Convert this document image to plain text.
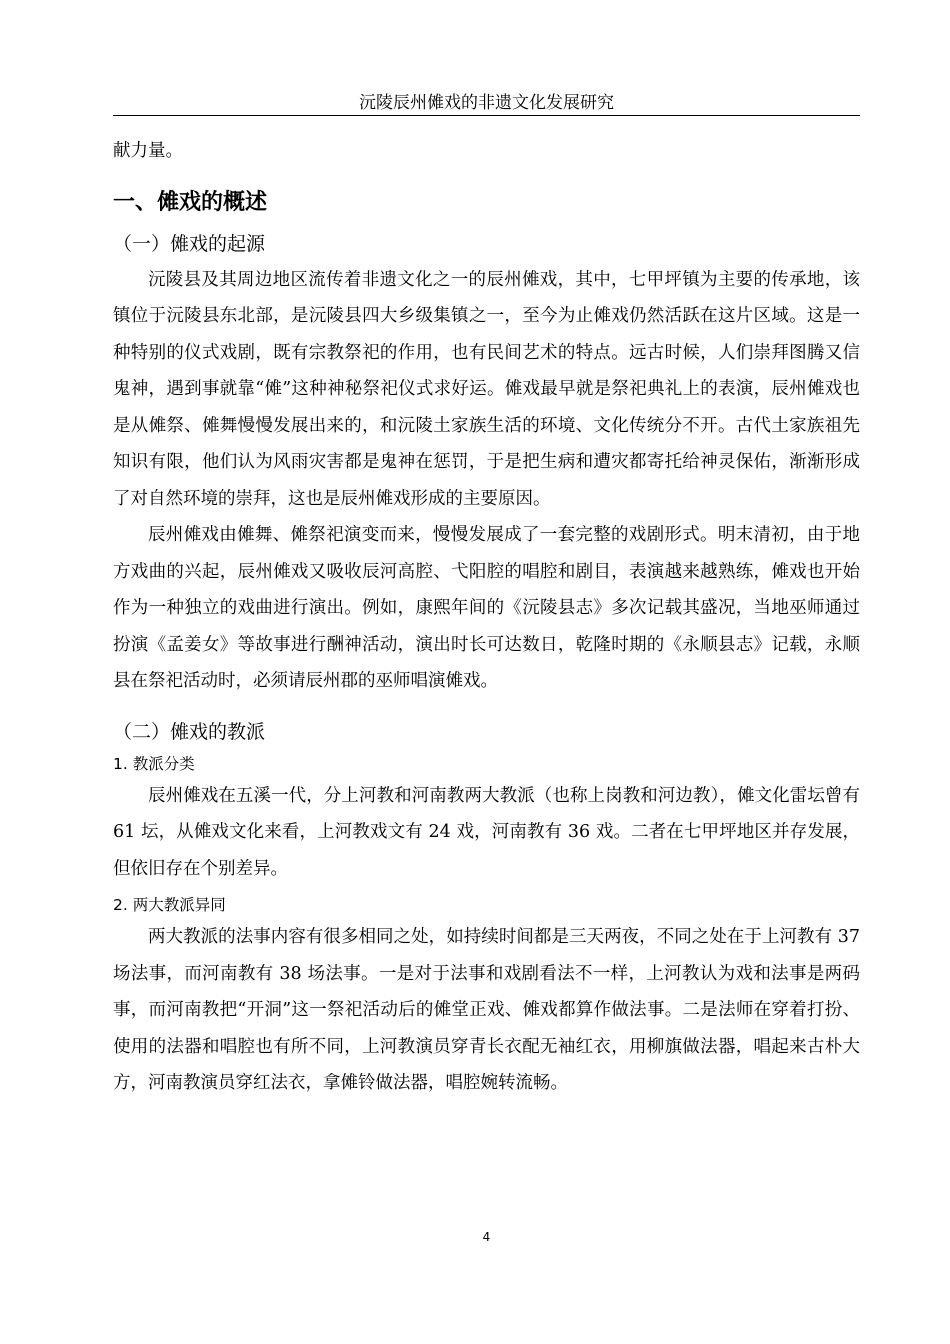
沅陵辰州傩戏的非遗文化发展研究

献力量。

一、傩戏的概述
（一）傩戏的起源

沅陵县及其周边地区流传着非遗文化之一的辰州傩戏，其中，七甲坪镇为主要的传承地，该镇位于沅陵县东北部，是沅陵县四大乡级集镇之一，至今为止傩戏仍然活跃在这片区域。这是一种特别的仪式戏剧，既有宗教祭祀的作用，也有民间艺术的特点。远古时候，人们崇拜图腾又信鬼神，遇到事就靠“傩”这种神秘祭祀仪式求好运。傩戏最早就是祭祀典礼上的表演，辰州傩戏也是从傩祭、傩舞慢慢发展出来的，和沅陵土家族生活的环境、文化传统分不开。古代土家族祖先知识有限，他们认为风雨灾害都是鬼神在惩罚，于是把生病和遭灾都寄托给神灵保佑，渐渐形成了对自然环境的崇拜，这也是辰州傩戏形成的主要原因。

辰州傩戏由傩舞、傩祭祀演变而来，慢慢发展成了一套完整的戏剧形式。明末清初，由于地方戏曲的兴起，辰州傩戏又吸收辰河高腔、弋阳腔的唱腔和剧目，表演越来越熟练，傩戏也开始作为一种独立的戏曲进行演出。例如，康熙年间的《沅陵县志》多次记载其盛况，当地巫师通过扮演《孟姜女》等故事进行酬神活动，演出时长可达数日，乾隆时期的《永顺县志》记载，永顺县在祭祀活动时，必须请辰州郡的巫师唱演傩戏。

（二）傩戏的教派
1. 教派分类

辰州傩戏在五溪一代，分上河教和河南教两大教派（也称上岗教和河边教），傩文化雷坛曾有 61 坛，从傩戏文化来看，上河教戏文有 24 戏，河南教有 36 戏。二者在七甲坪地区并存发展，但依旧存在个别差异。

2. 两大教派异同

两大教派的法事内容有很多相同之处，如持续时间都是三天两夜，不同之处在于上河教有 37 场法事，而河南教有 38 场法事。一是对于法事和戏剧看法不一样，上河教认为戏和法事是两码事，而河南教把“开洞”这一祭祀活动后的傩堂正戏、傩戏都算作做法事。二是法师在穿着打扮、使用的法器和唱腔也有所不同，上河教演员穿青长衣配无袖红衣，用柳旗做法器，唱起来古朴大方，河南教演员穿红法衣，拿傩铃做法器，唱腔婉转流畅。

4
